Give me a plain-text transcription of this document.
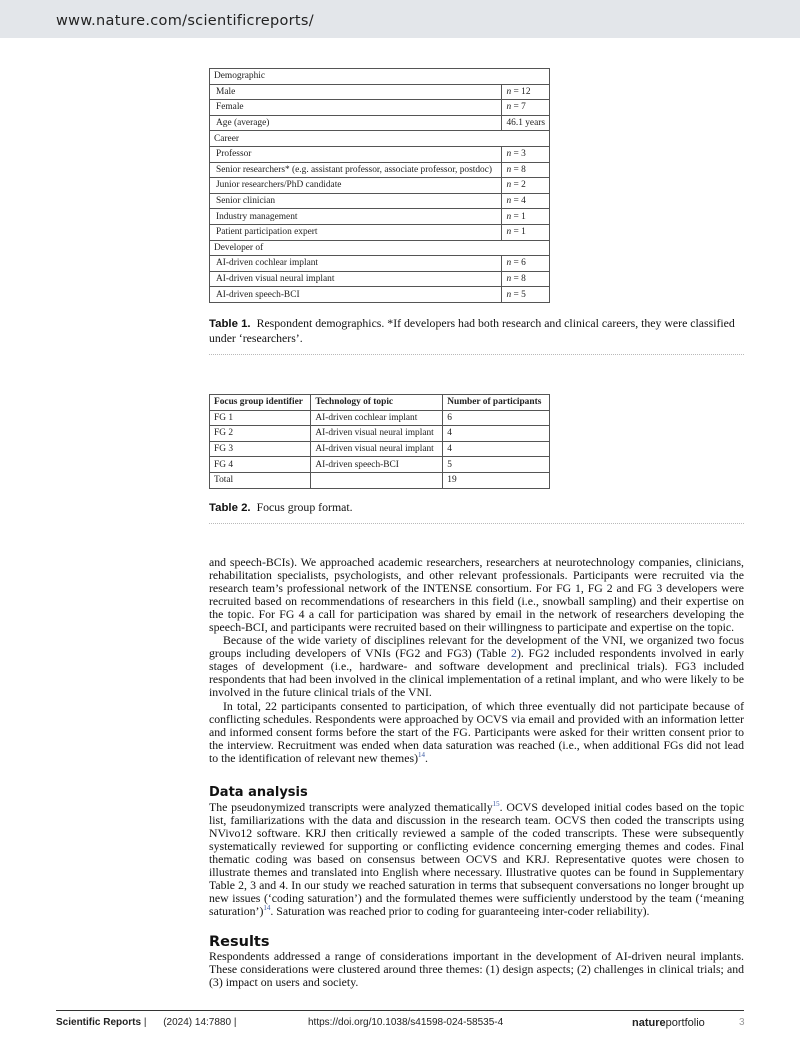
www.nature.com/scientificreports/
Demographic	
Male	n = 12
Female	n = 7
Age (average)	46.1 years
Career	
Professor	n = 3
Senior researchers* (e.g. assistant professor, associate professor, postdoc)	n = 8
Junior researchers/PhD candidate	n = 2
Senior clinician	n = 4
Industry management	n = 1
Patient participation expert	n = 1
Developer of	
AI-driven cochlear implant	n = 6
AI-driven visual neural implant	n = 8
AI-driven speech-BCI	n = 5
Table 1. Respondent demographics. *If developers had both research and clinical careers, they were classified under ‘researchers’.
Focus group identifier	Technology of topic	Number of participants
FG 1	AI-driven cochlear implant	6
FG 2	AI-driven visual neural implant	4
FG 3	AI-driven visual neural implant	4
FG 4	AI-driven speech-BCI	5
Total		19
Table 2. Focus group format.

and speech-BCIs). We approached academic researchers, researchers at neurotechnology companies, clinicians, rehabilitation specialists, psychologists, and other relevant professionals. Participants were recruited via the research team’s professional network of the INTENSE consortium. For FG 1, FG 2 and FG 3 developers were recruited based on recommendations of researchers in this field (i.e., snowball sampling) and their expertise on the topic. For FG 4 a call for participation was shared by email in the network of researchers developing the speech-BCI, and participants were recruited based on their willingness to participate and expertise on the topic.

Because of the wide variety of disciplines relevant for the development of the VNI, we organized two focus groups including developers of VNIs (FG2 and FG3) (Table 2). FG2 included respondents involved in early stages of development (i.e., hardware- and software development and preclinical trials). FG3 included respondents that had been involved in the clinical implementation of a retinal implant, and who were likely to be involved in the future clinical trials of the VNI.

In total, 22 participants consented to participation, of which three eventually did not participate because of conflicting schedules. Respondents were approached by OCVS via email and provided with an information letter and informed consent forms before the start of the FG. Participants were asked for their written consent prior to the interview. Recruitment was ended when data saturation was reached (i.e., when additional FGs did not lead to the identification of relevant new themes)$^{14}$.

Data analysis

The pseudonymized transcripts were analyzed thematically$^{15}$. OCVS developed initial codes based on the topic list, familiarizations with the data and discussion in the research team. OCVS then coded the transcripts using NVivo12 software. KRJ then critically reviewed a sample of the coded transcripts. These were subsequently systematically reviewed for supporting or conflicting evidence concerning emerging themes and codes. Final thematic coding was based on consensus between OCVS and KRJ. Representative quotes were chosen to illustrate themes and translated into English where necessary. Illustrative quotes can be found in Supplementary Table 2, 3 and 4. In our study we reached saturation in terms that subsequent conversations no longer brought up new issues (‘coding saturation’) and the formulated themes were sufficiently understood by the team (‘meaning saturation’)$^{14}$. Saturation was reached prior to coding for guaranteeing inter-coder reliability).

Results

Respondents addressed a range of considerations important in the development of AI-driven neural implants. These considerations were clustered around three themes: (1) design aspects; (2) challenges in clinical trials; and (3) impact on users and society.

Scientific Reports | (2024) 14:7880 |	https://doi.org/10.1038/s41598-024-58535-4	natureportfolio	3
